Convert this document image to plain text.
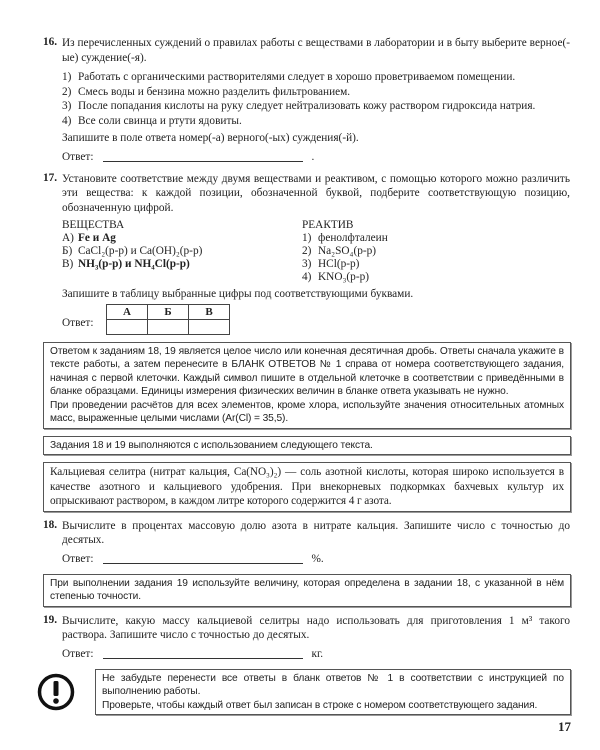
16. Из перечисленных суждений о правилах работы с веществами в лаборатории и в быту выберите верное(-ые) суждение(-я).
1) Работать с органическими растворителями следует в хорошо проветриваемом помещении.
2) Смесь воды и бензина можно разделить фильтрованием.
3) После попадания кислоты на руку следует нейтрализовать кожу раствором гидроксида натрия.
4) Все соли свинца и ртути ядовиты.
Запишите в поле ответа номер(-а) верного(-ых) суждения(-й).
Ответ:	.
17. Установите соответствие между двумя веществами и реактивом, с помощью которого можно различить эти вещества: к каждой позиции, обозначенной буквой, подберите соответствующую позицию, обозначенную цифрой.
ВЕЩЕСТВА
А) Fe и Ag
Б) CaCl₂(р-р) и Ca(OH)₂(р-р)
В) NH₃(р-р) и NH₄Cl(р-р)
РЕАКТИВ
1) фенолфталеин
2) Na₂SO₄(р-р)
3) HCl(р-р)
4) KNO₃(р-р)
Запишите в таблицу выбранные цифры под соответствующими буквами.
Ответ:
А	Б	В

Ответом к заданиям 18, 19 является целое число или конечная десятичная дробь. Ответы сначала укажите в тексте работы, а затем перенесите в БЛАНК ОТВЕТОВ № 1 справа от номера соответствующего задания, начиная с первой клеточки. Каждый символ пишите в отдельной клеточке в соответствии с приведёнными в бланке образцами. Единицы измерения физических величин в бланке ответа указывать не нужно.
При проведении расчётов для всех элементов, кроме хлора, используйте значения относительных атомных масс, выраженные целыми числами (Ar(Cl) = 35,5).
Задания 18 и 19 выполняются с использованием следующего текста.
Кальциевая селитра (нитрат кальция, Ca(NO₃)₂) — соль азотной кислоты, которая широко используется в качестве азотного и кальциевого удобрения. При внекорневых подкормках бахчевых культур их опрыскивают раствором, в каждом литре которого содержится 4 г азота.
18. Вычислите в процентах массовую долю азота в нитрате кальция. Запишите число с точностью до десятых.
Ответ:	%.
При выполнении задания 19 используйте величину, которая определена в задании 18, с указанной в нём степенью точности.
19. Вычислите, какую массу кальциевой селитры надо использовать для приготовления 1 м³ такого раствора. Запишите число с точностью до десятых.
Ответ:	кг.
Не забудьте перенести все ответы в бланк ответов № 1 в соответствии с инструкцией по выполнению работы.
Проверьте, чтобы каждый ответ был записан в строке с номером соответствующего задания.
17
